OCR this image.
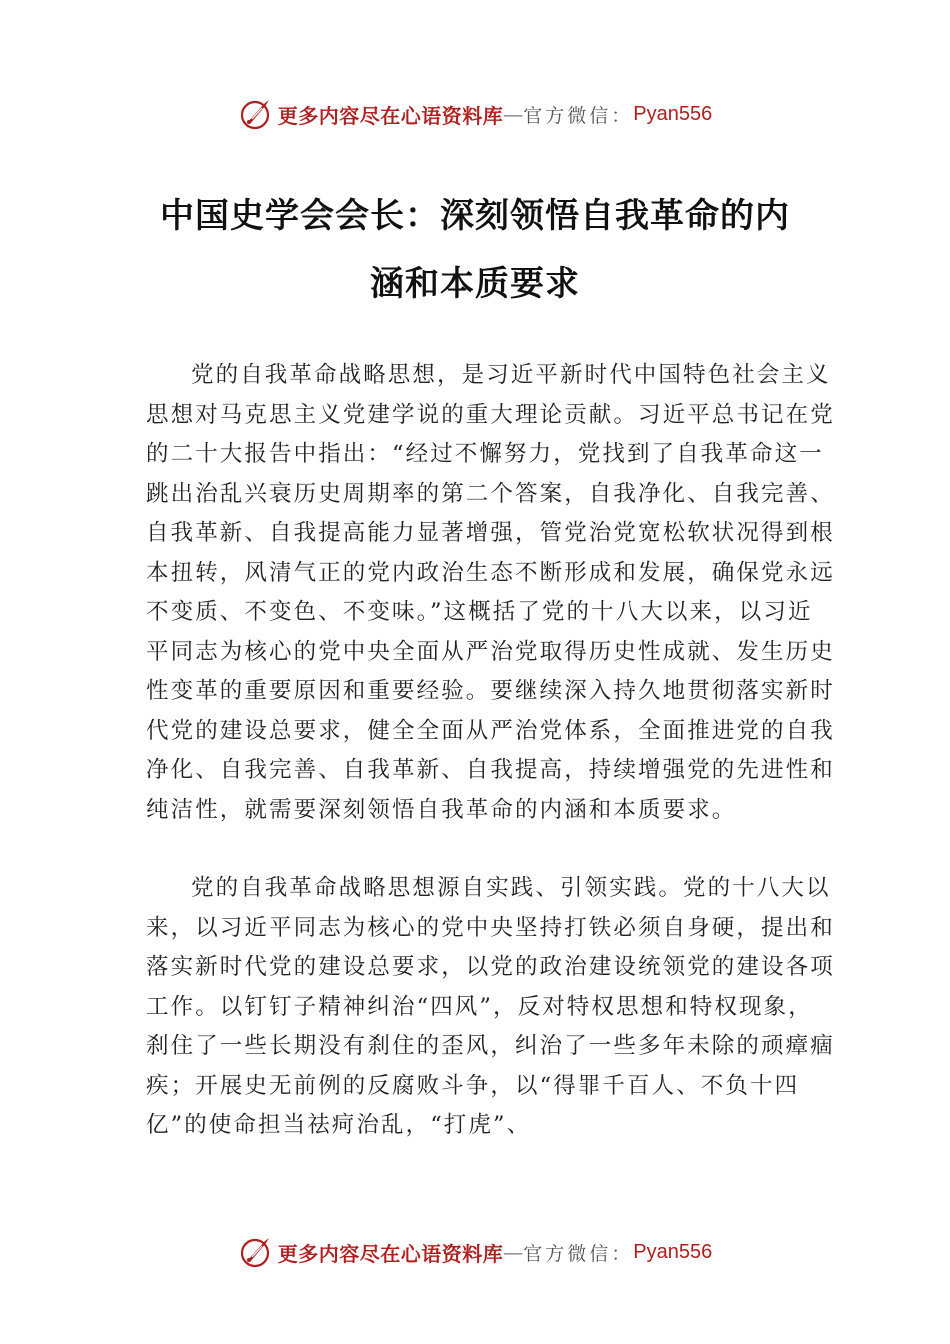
更多内容尽在心语资料库 — 官方微信： Pyan556
中国史学会会长：深刻领悟自我革命的内
涵和本质要求

党的自我革命战略思想，是习近平新时代中国特色社会主义思想对马克思主义党建学说的重大理论贡献。习近平总书记在党的二十大报告中指出：“经过不懈努力，党找到了自我革命这一跳出治乱兴衰历史周期率的第二个答案，自我净化、自我完善、自我革新、自我提高能力显著增强，管党治党宽松软状况得到根本扭转，风清气正的党内政治生态不断形成和发展，确保党永远不变质、不变色、不变味。”这概括了党的十八大以来，以习近平同志为核心的党中央全面从严治党取得历史性成就、发生历史性变革的重要原因和重要经验。要继续深入持久地贯彻落实新时代党的建设总要求，健全全面从严治党体系，全面推进党的自我净化、自我完善、自我革新、自我提高，持续增强党的先进性和纯洁性，就需要深刻领悟自我革命的内涵和本质要求。

党的自我革命战略思想源自实践、引领实践。党的十八大以来，以习近平同志为核心的党中央坚持打铁必须自身硬，提出和落实新时代党的建设总要求，以党的政治建设统领党的建设各项工作。以钉钉子精神纠治“四风”，反对特权思想和特权现象，刹住了一些长期没有刹住的歪风，纠治了一些多年未除的顽瘴痼疾；开展史无前例的反腐败斗争，以“得罪千百人、不负十四亿”的使命担当祛疴治乱，“打虎”、

更多内容尽在心语资料库 — 官方微信： Pyan556
